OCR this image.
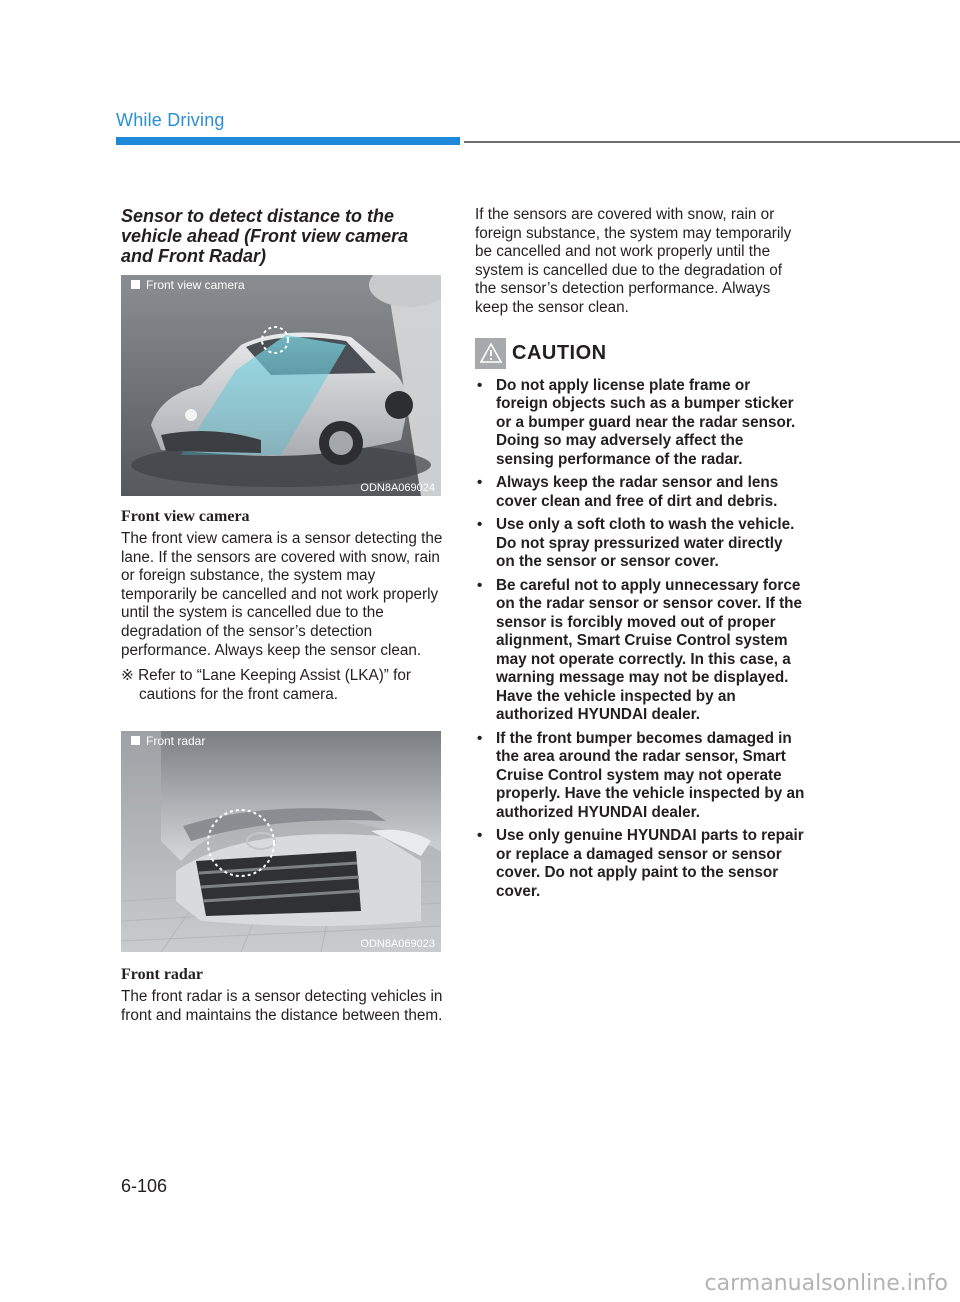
While Driving
Sensor to detect distance to the vehicle ahead (Front view camera and Front Radar)
Front view camera
ODN8A069024
Front view camera

The front view camera is a sensor detecting the lane. If the sensors are covered with snow, rain or foreign substance, the system may temporarily be cancelled and not work properly until the system is cancelled due to the degradation of the sensor’s detection performance. Always keep the sensor clean.

※ Refer to “Lane Keeping Assist (LKA)” for cautions for the front camera.

Front radar
ODN8A069023
Front radar

The front radar is a sensor detecting vehicles in front and maintains the distance between them.

If the sensors are covered with snow, rain or foreign substance, the system may temporarily be cancelled and not work properly until the system is cancelled due to the degradation of the sensor’s detection performance. Always keep the sensor clean.

CAUTION
• Do not apply license plate frame or foreign objects such as a bumper sticker or a bumper guard near the radar sensor. Doing so may adversely affect the sensing performance of the radar.
• Always keep the radar sensor and lens cover clean and free of dirt and debris.
• Use only a soft cloth to wash the vehicle. Do not spray pressurized water directly on the sensor or sensor cover.
• Be careful not to apply unnecessary force on the radar sensor or sensor cover. If the sensor is forcibly moved out of proper alignment, Smart Cruise Control system may not operate correctly. In this case, a warning message may not be displayed. Have the vehicle inspected by an authorized HYUNDAI dealer.
• If the front bumper becomes damaged in the area around the radar sensor, Smart Cruise Control system may not operate properly. Have the vehicle inspected by an authorized HYUNDAI dealer.
• Use only genuine HYUNDAI parts to repair or replace a damaged sensor or sensor cover. Do not apply paint to the sensor cover.
6-106
carmanualsonline.info
